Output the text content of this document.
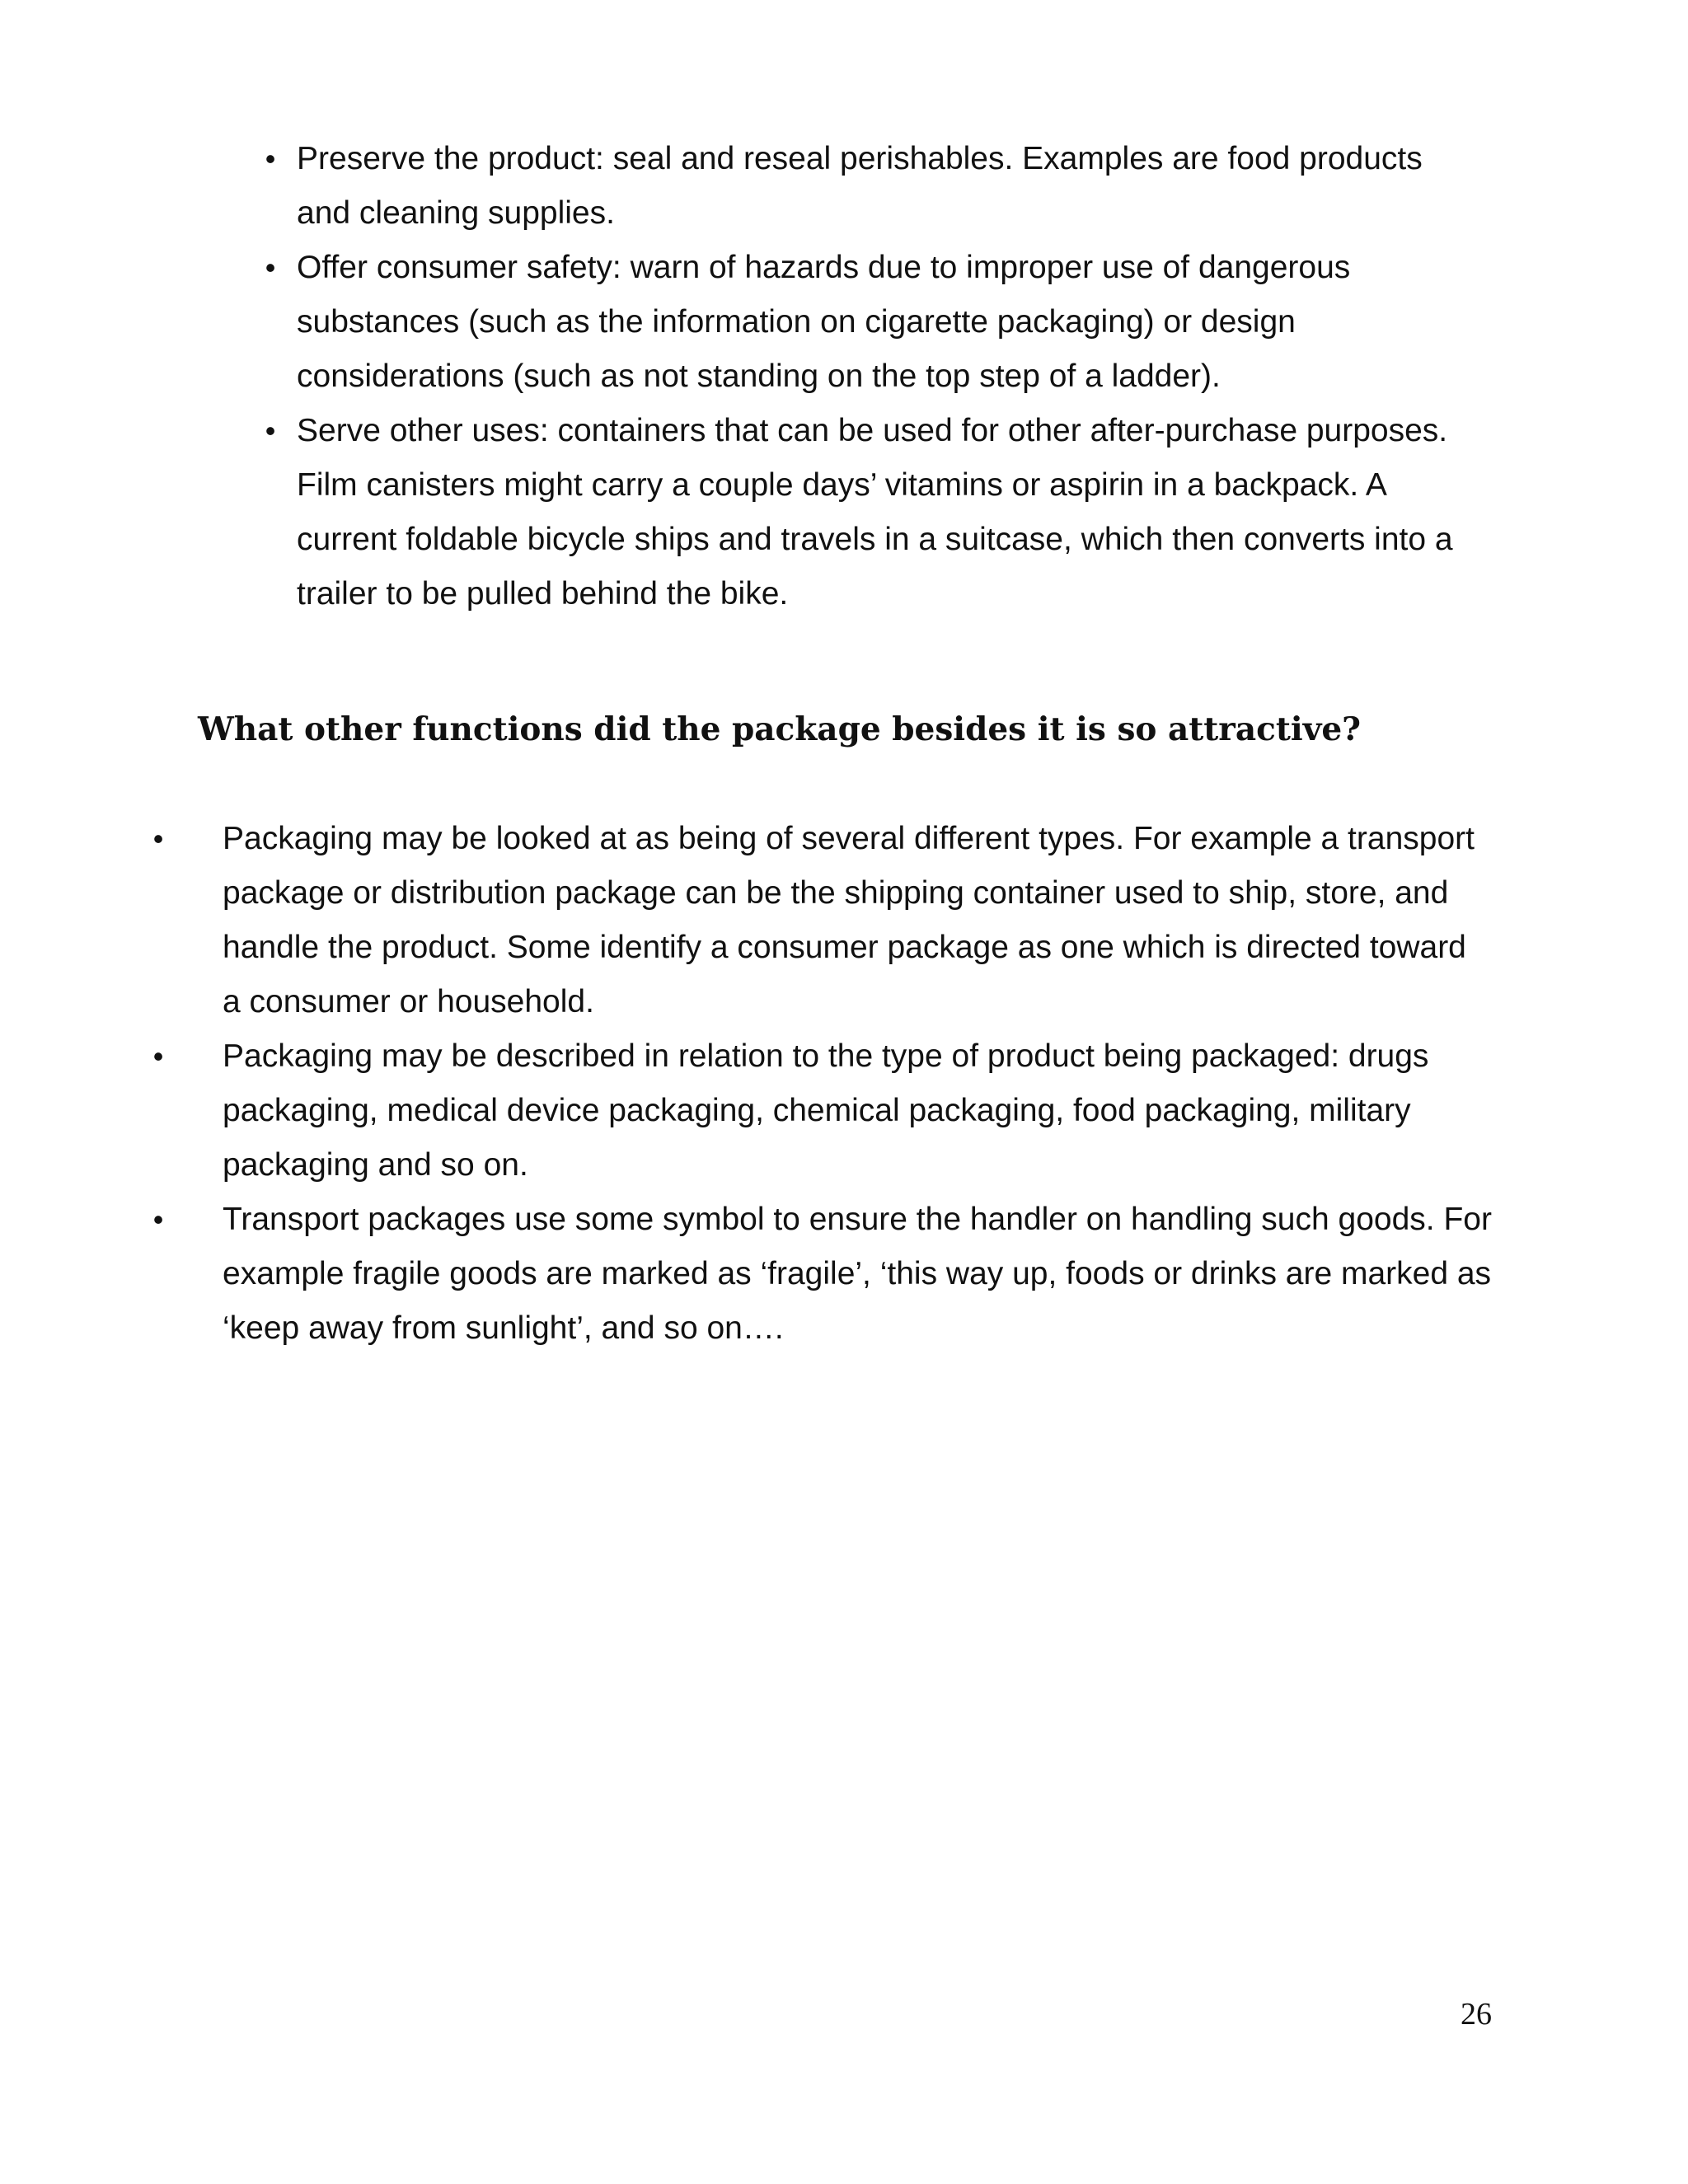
• Preserve the product: seal and reseal perishables. Examples are food products and cleaning supplies.
• Offer consumer safety: warn of hazards due to improper use of dangerous substances (such as the information on cigarette packaging) or design considerations (such as not standing on the top step of a ladder).
• Serve other uses: containers that can be used for other after-purchase purposes. Film canisters might carry a couple days’ vitamins or aspirin in a backpack. A current foldable bicycle ships and travels in a suitcase, which then converts into a trailer to be pulled behind the bike.
What other functions did the package besides it is so attractive?
•	Packaging may be looked at as being of several different types. For example a transport package or distribution package can be the shipping container used to ship, store, and handle the product. Some identify a consumer package as one which is directed toward a consumer or household.
•	Packaging may be described in relation to the type of product being packaged: drugs packaging, medical device packaging, chemical packaging, food packaging, military packaging and so on.
•	Transport packages use some symbol to ensure the handler on handling such goods. For example fragile goods are marked as ‘fragile’, ‘this way up, foods or drinks are marked as ‘keep away from sunlight’, and so on….
26
